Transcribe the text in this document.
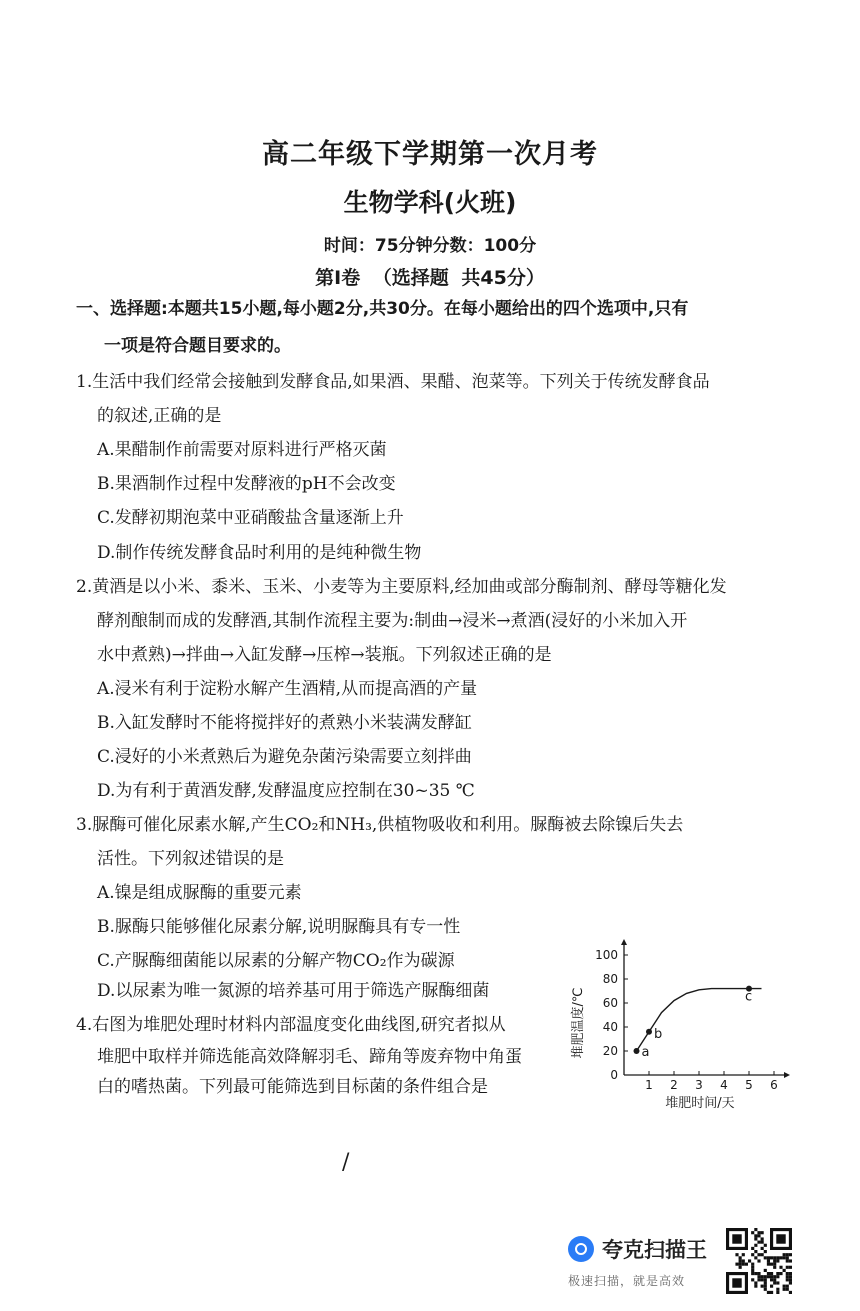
高二年级下学期第一次月考
生物学科(火班)
时间：75分钟分数：100分
第Ⅰ卷 （选择题 共45分）
一、选择题:本题共15小题,每小题2分,共30分。在每小题给出的四个选项中,只有
一项是符合题目要求的。
1.生活中我们经常会接触到发酵食品,如果酒、果醋、泡菜等。下列关于传统发酵食品
的叙述,正确的是
A.果醋制作前需要对原料进行严格灭菌
B.果酒制作过程中发酵液的pH不会改变
C.发酵初期泡菜中亚硝酸盐含量逐渐上升
D.制作传统发酵食品时利用的是纯种微生物
2.黄酒是以小米、黍米、玉米、小麦等为主要原料,经加曲或部分酶制剂、酵母等糖化发
酵剂酿制而成的发酵酒,其制作流程主要为:制曲→浸米→煮酒(浸好的小米加入开
水中煮熟)→拌曲→入缸发酵→压榨→装瓶。下列叙述正确的是
A.浸米有利于淀粉水解产生酒精,从而提高酒的产量
B.入缸发酵时不能将搅拌好的煮熟小米装满发酵缸
C.浸好的小米煮熟后为避免杂菌污染需要立刻拌曲
D.为有利于黄酒发酵,发酵温度应控制在30~35 ℃
3.脲酶可催化尿素水解,产生CO₂和NH₃,供植物吸收和利用。脲酶被去除镍后失去
活性。下列叙述错误的是
A.镍是组成脲酶的重要元素
B.脲酶只能够催化尿素分解,说明脲酶具有专一性
C.产脲酶细菌能以尿素的分解产物CO₂作为碳源
D.以尿素为唯一氮源的培养基可用于筛选产脲酶细菌
4.右图为堆肥处理时材料内部温度变化曲线图,研究者拟从
堆肥中取样并筛选能高效降解羽毛、蹄角等废弃物中角蛋
白的嗜热菌。下列最可能筛选到目标菌的条件组合是
堆肥温度/℃
堆肥时间/天
1 2 3 4 5 6
0
20
40
60
80
100
a
b
c
/
夸克扫描王
极速扫描，就是高效
